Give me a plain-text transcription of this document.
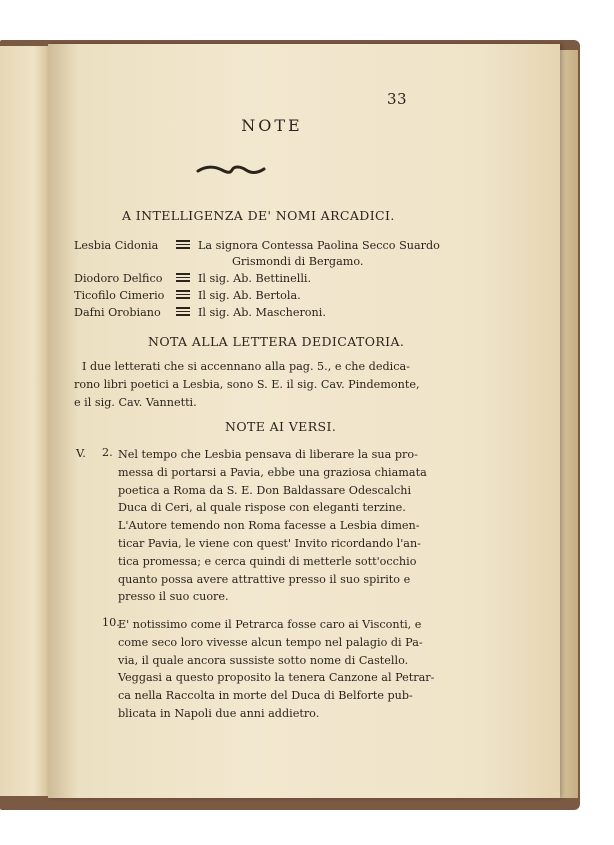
33
NOTE
A INTELLIGENZA DE' NOMI ARCADICI.
Lesbia Cidonia	La signora Contessa Paolina Secco Suardo
Grismondi di Bergamo.
Diodoro Delfico	Il sig. Ab. Bettinelli.
Ticofilo Cimerio	Il sig. Ab. Bertola.
Dafni Orobiano	Il sig. Ab. Mascheroni.
NOTA ALLA LETTERA DEDICATORIA.
I due letterati che si accennano alla pag. 5., e che dedica-
rono libri poetici a Lesbia, sono S. E. il sig. Cav. Pindemonte,
e il sig. Cav. Vannetti.
NOTE AI VERSI.
V. 2. Nel tempo che Lesbia pensava di liberare la sua pro-
messa di portarsi a Pavia, ebbe una graziosa chiamata
poetica a Roma da S. E. Don Baldassare Odescalchi
Duca di Ceri, al quale rispose con eleganti terzine.
L'Autore temendo non Roma facesse a Lesbia dimen-
ticar Pavia, le viene con quest' Invito ricordando l'an-
tica promessa; e cerca quindi di metterle sott'occhio
quanto possa avere attrattive presso il suo spirito e
presso il suo cuore.
10.
E' notissimo come il Petrarca fosse caro ai Visconti, e
come seco loro vivesse alcun tempo nel palagio di Pa-
via, il quale ancora sussiste sotto nome di Castello.
Veggasi a questo proposito la tenera Canzone al Petrar-
ca nella Raccolta in morte del Duca di Belforte pub-
blicata in Napoli due anni addietro.
